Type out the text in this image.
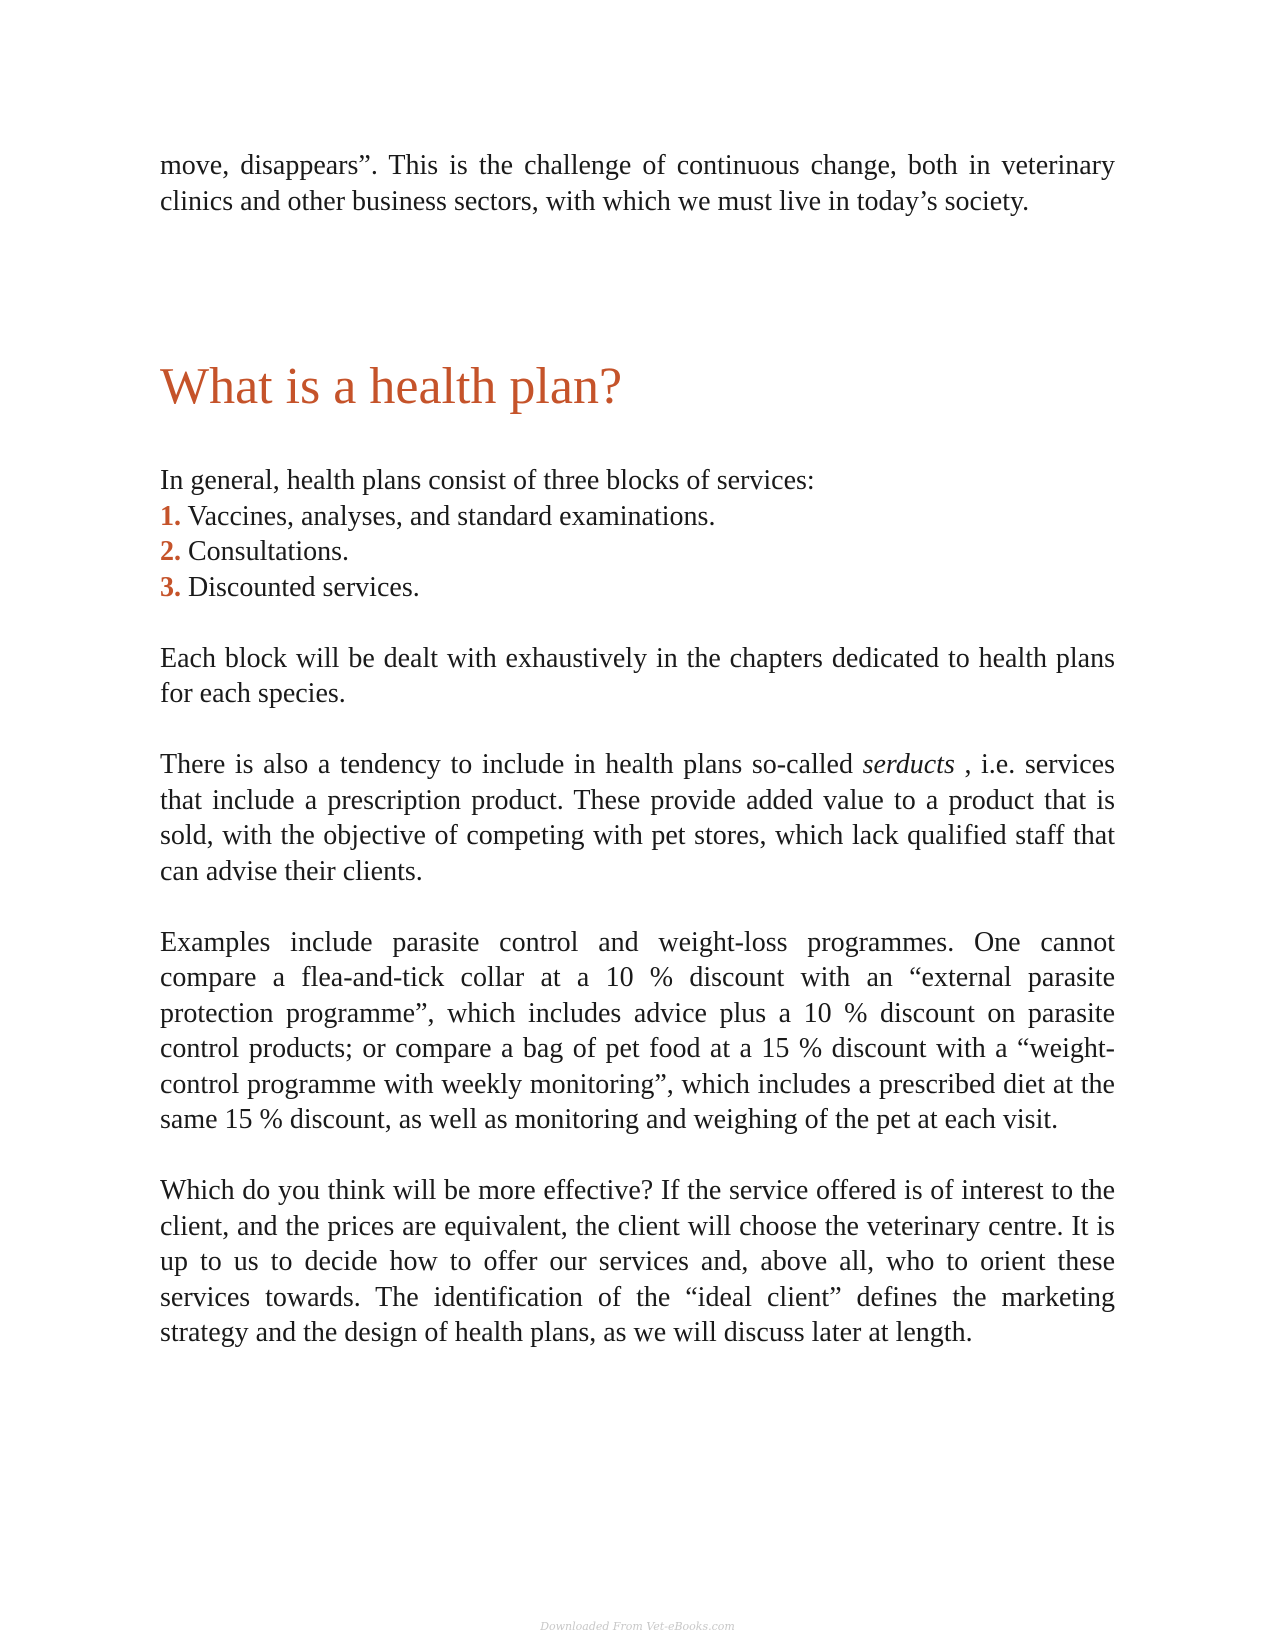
move, disappears”. This is the challenge of continuous change, both in veterinary clinics and other business sectors, with which we must live in today’s society.

What is a health plan?

In general, health plans consist of three blocks of services:

1. Vaccines, analyses, and standard examinations.
2. Consultations.
3. Discounted services.

Each block will be dealt with exhaustively in the chapters dedicated to health plans for each species.

There is also a tendency to include in health plans so-called serducts , i.e. services that include a prescription product. These provide added value to a product that is sold, with the objective of competing with pet stores, which lack qualified staff that can advise their clients.

Examples include parasite control and weight-loss programmes. One cannot compare a flea-and-tick collar at a 10 % discount with an “external parasite protection programme”, which includes advice plus a 10 % discount on parasite control products; or compare a bag of pet food at a 15 % discount with a “weight-control programme with weekly monitoring”, which includes a prescribed diet at the same 15 % discount, as well as monitoring and weighing of the pet at each visit.

Which do you think will be more effective? If the service offered is of interest to the client, and the prices are equivalent, the client will choose the veterinary centre. It is up to us to decide how to offer our services and, above all, who to orient these services towards. The identification of the “ideal client” defines the marketing strategy and the design of health plans, as we will discuss later at length.

Downloaded From Vet-eBooks.com
